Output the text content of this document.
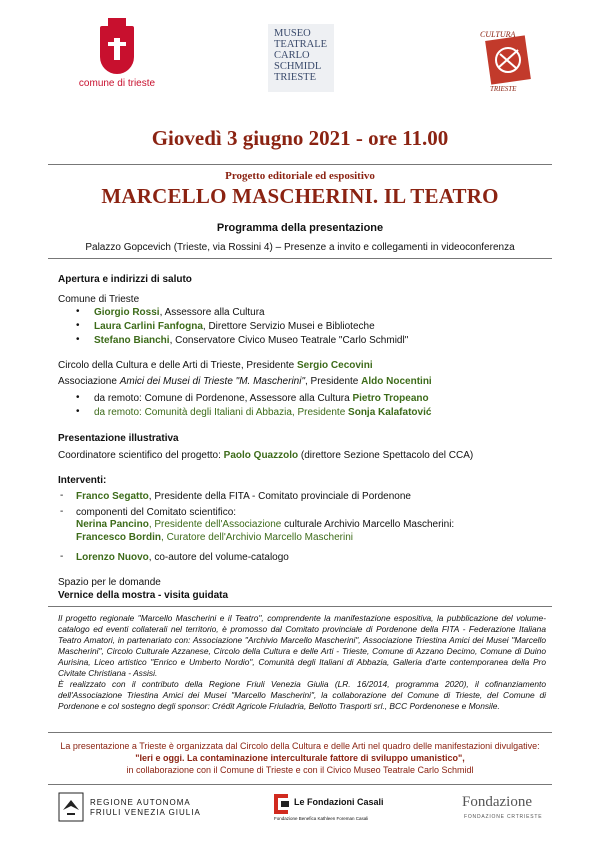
comune di trieste
MUSEO
TEATRALE
CARLO
SCHMIDL
TRIESTE
CULTURA
TRIESTE
Giovedì 3 giugno 2021 - ore 11.00
Progetto editoriale ed espositivo
MARCELLO MASCHERINI. IL TEATRO
Programma della presentazione
Palazzo Gopcevich (Trieste, via Rossini 4) – Presenze a invito e collegamenti in videoconferenza
Apertura e indirizzi di saluto
Comune di Trieste
• Giorgio Rossi, Assessore alla Cultura
• Laura Carlini Fanfogna, Direttore Servizio Musei e Biblioteche
• Stefano Bianchi, Conservatore Civico Museo Teatrale "Carlo Schmidl"
Circolo della Cultura e delle Arti di Trieste, Presidente Sergio Cecovini
Associazione Amici dei Musei di Trieste "M. Mascherini", Presidente Aldo Nocentini
• da remoto: Comune di Pordenone, Assessore alla Cultura Pietro Tropeano
• da remoto: Comunità degli Italiani di Abbazia, Presidente Sonja Kalafatović
Presentazione illustrativa
Coordinatore scientifico del progetto: Paolo Quazzolo (direttore Sezione Spettacolo del CCA)
Interventi:
- Franco Segatto, Presidente della FITA - Comitato provinciale di Pordenone
- componenti del Comitato scientifico:
Nerina Pancino, Presidente dell'Associazione culturale Archivio Marcello Mascherini:
Francesco Bordin, Curatore dell'Archivio Marcello Mascherini
- Lorenzo Nuovo, co-autore del volume-catalogo
Spazio per le domande
Vernice della mostra - visita guidata

Il progetto regionale "Marcello Mascherini e il Teatro", comprendente la manifestazione espositiva, la pubblicazione del volume-catalogo ed eventi collaterali nel territorio, è promosso dal Comitato provinciale di Pordenone della FITA - Federazione Italiana Teatro Amatori, in partenariato con: Associazione "Archivio Marcello Mascherini", Associazione Triestina Amici dei Musei "Marcello Mascherini", Circolo Culturale Azzanese, Circolo della Cultura e delle Arti - Trieste, Comune di Azzano Decimo, Comune di Duino Aurisina, Liceo artistico "Enrico e Umberto Nordio", Comunità degli Italiani di Abbazia, Galleria d'arte contemporanea della Pro Civitate Christiana - Assisi.

È realizzato con il contributo della Regione Friuli Venezia Giulia (LR. 16/2014, programma 2020), il cofinanziamento dell'Associazione Triestina Amici dei Musei "Marcello Mascherini", la collaborazione del Comune di Trieste, del Comune di Pordenone e col sostegno degli sponsor: Crédit Agricole Friuladria, Bellotto Trasporti srl., BCC Pordenonese e Monsile.

La presentazione a Trieste è organizzata dal Circolo della Cultura e delle Arti nel quadro delle manifestazioni divulgative:
"Ieri e oggi. La contaminazione interculturale fattore di sviluppo umanistico",
in collaborazione con il Comune di Trieste e con il Civico Museo Teatrale Carlo Schmidl
REGIONE AUTONOMA
FRIULI VENEZIA GIULIA
Le Fondazioni Casali
Fondazione Benefica Kathleen Foreman Casali
Fondazione
FONDAZIONE CRTRIESTE
